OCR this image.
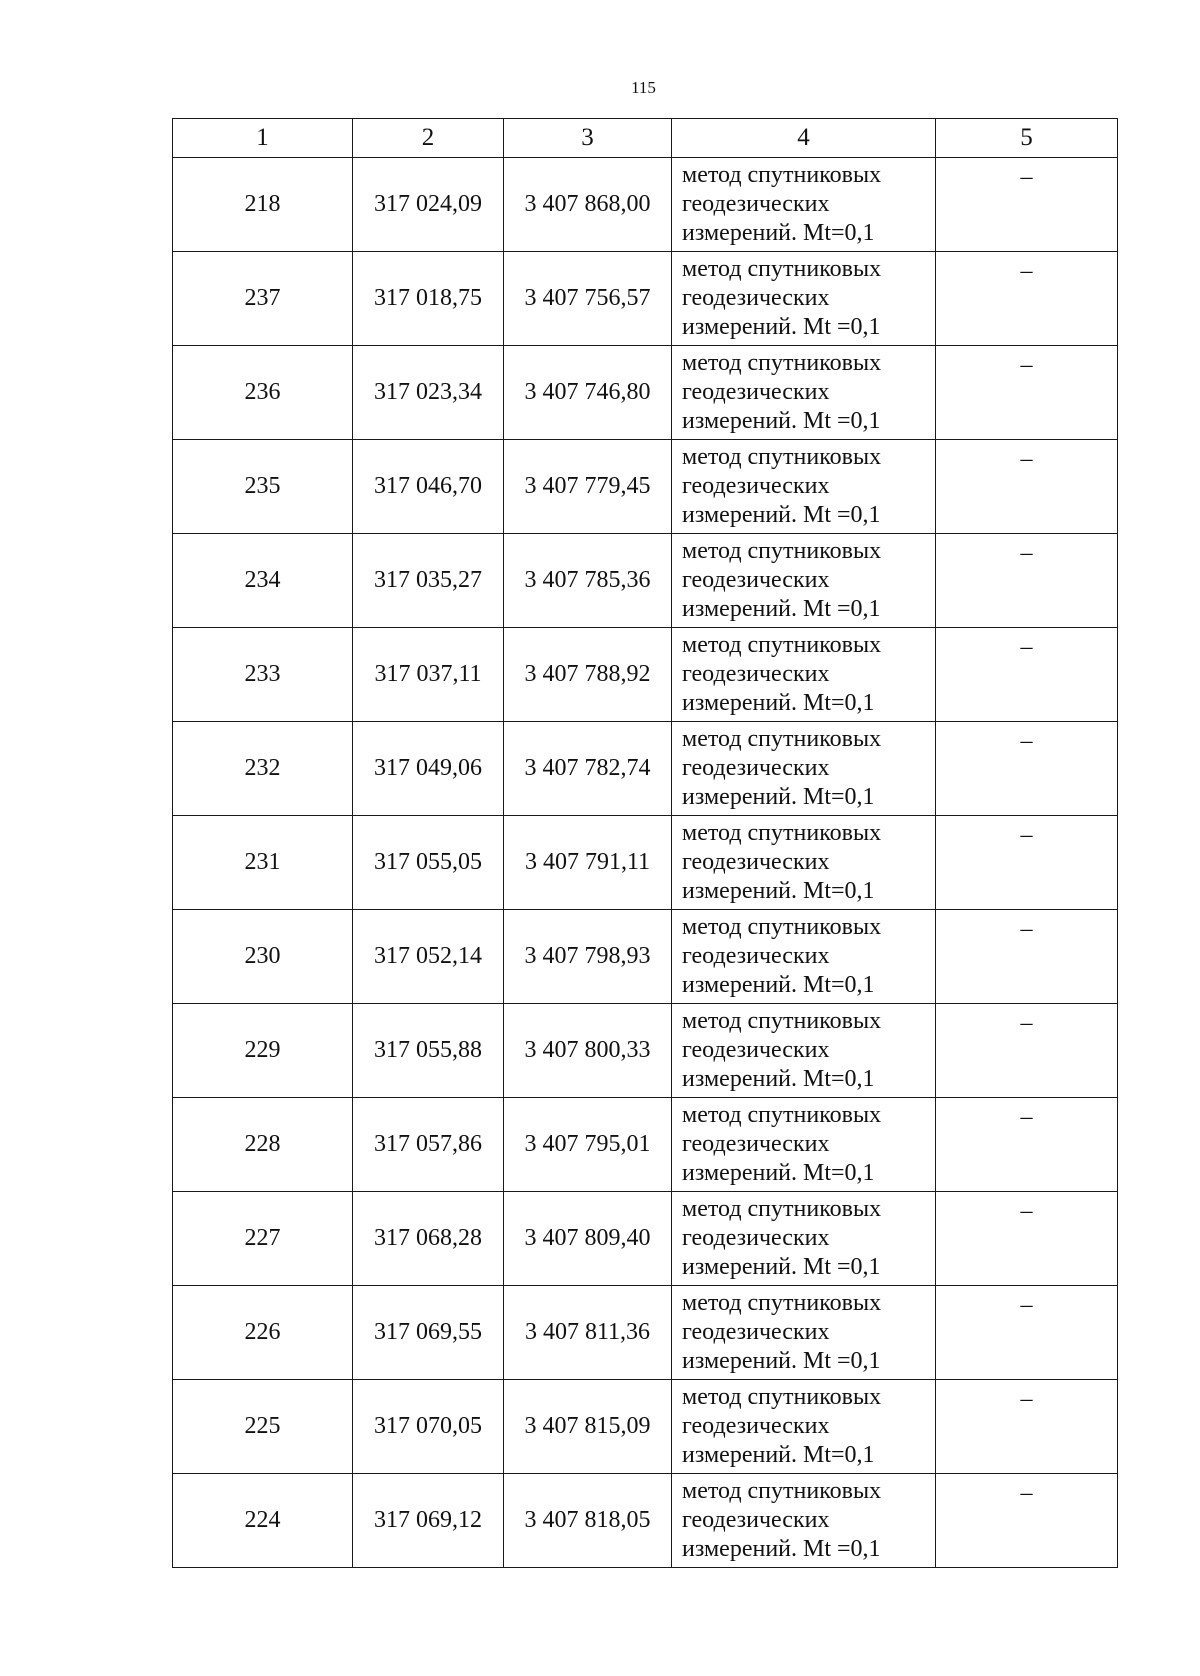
115
1	2	3	4	5
218	317 024,09	3 407 868,00	метод спутниковых
геодезических
измерений. Mt=0,1	–
237	317 018,75	3 407 756,57	метод спутниковых
геодезических
измерений. Mt =0,1	–
236	317 023,34	3 407 746,80	метод спутниковых
геодезических
измерений. Mt =0,1	–
235	317 046,70	3 407 779,45	метод спутниковых
геодезических
измерений. Mt =0,1	–
234	317 035,27	3 407 785,36	метод спутниковых
геодезических
измерений. Mt =0,1	–
233	317 037,11	3 407 788,92	метод спутниковых
геодезических
измерений. Mt=0,1	–
232	317 049,06	3 407 782,74	метод спутниковых
геодезических
измерений. Mt=0,1	–
231	317 055,05	3 407 791,11	метод спутниковых
геодезических
измерений. Mt=0,1	–
230	317 052,14	3 407 798,93	метод спутниковых
геодезических
измерений. Mt=0,1	–
229	317 055,88	3 407 800,33	метод спутниковых
геодезических
измерений. Mt=0,1	–
228	317 057,86	3 407 795,01	метод спутниковых
геодезических
измерений. Mt=0,1	–
227	317 068,28	3 407 809,40	метод спутниковых
геодезических
измерений. Mt =0,1	–
226	317 069,55	3 407 811,36	метод спутниковых
геодезических
измерений. Mt =0,1	–
225	317 070,05	3 407 815,09	метод спутниковых
геодезических
измерений. Mt=0,1	–
224	317 069,12	3 407 818,05	метод спутниковых
геодезических
измерений. Mt =0,1	–
